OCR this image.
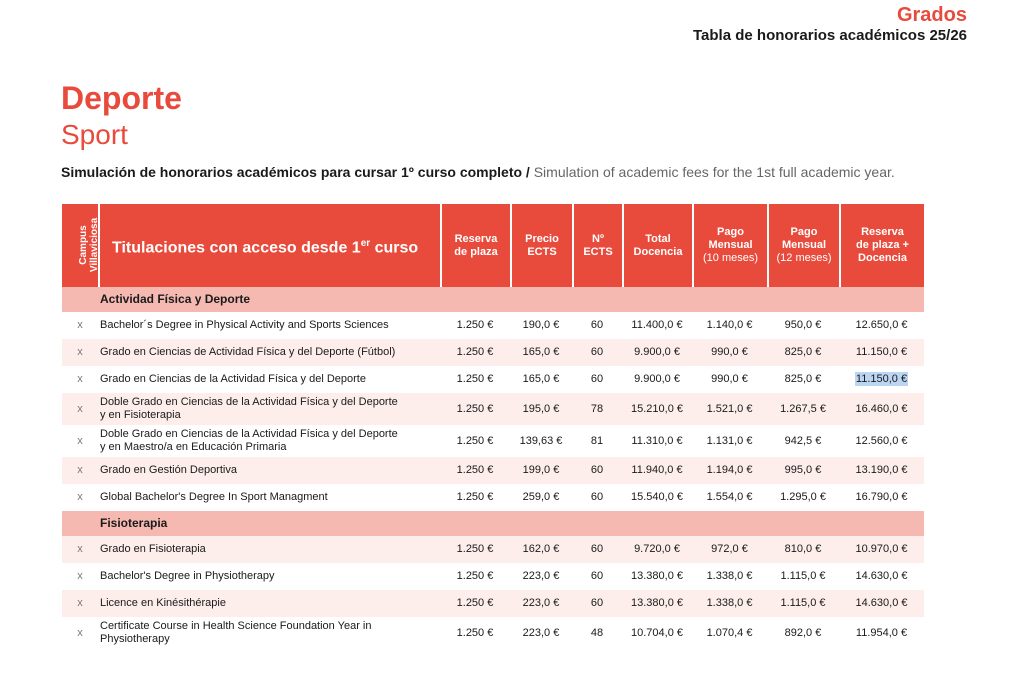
Grados
Tabla de honorarios académicos 25/26
Deporte
Sport
Simulación de honorarios académicos para cursar 1º curso completo / Simulation of academic fees for the 1st full academic year.
Campus
Villaviciosa	Titulaciones con acceso desde 1er curso	Reserva
de plaza	Precio
ECTS	Nº ECTS	Total
Docencia	Pago
Mensual
(10 meses)	Pago
Mensual
(12 meses)	Reserva
de plaza +
Docencia
	Actividad Física y Deporte							
x	Bachelor´s Degree in Physical Activity and Sports Sciences	1.250 €	190,0 €	60	11.400,0 €	1.140,0 €	950,0 €	12.650,0 €
x	Grado en Ciencias de Actividad Física y del Deporte (Fútbol)	1.250 €	165,0 €	60	9.900,0 €	990,0 €	825,0 €	11.150,0 €
x	Grado en Ciencias de la Actividad Física y del Deporte	1.250 €	165,0 €	60	9.900,0 €	990,0 €	825,0 €	11.150,0 €
x	Doble Grado en Ciencias de la Actividad Física y del Deporte
y en Fisioterapia	1.250 €	195,0 €	78	15.210,0 €	1.521,0 €	1.267,5 €	16.460,0 €
x	Doble Grado en Ciencias de la Actividad Física y del Deporte
y en Maestro/a en Educación Primaria	1.250 €	139,63 €	81	11.310,0 €	1.131,0 €	942,5 €	12.560,0 €
x	Grado en Gestión Deportiva	1.250 €	199,0 €	60	11.940,0 €	1.194,0 €	995,0 €	13.190,0 €
x	Global Bachelor's Degree In Sport Managment	1.250 €	259,0 €	60	15.540,0 €	1.554,0 €	1.295,0 €	16.790,0 €
	Fisioterapia							
x	Grado en Fisioterapia	1.250 €	162,0 €	60	9.720,0 €	972,0 €	810,0 €	10.970,0 €
x	Bachelor's Degree in Physiotherapy	1.250 €	223,0 €	60	13.380,0 €	1.338,0 €	1.115,0 €	14.630,0 €
x	Licence en Kinésithérapie	1.250 €	223,0 €	60	13.380,0 €	1.338,0 €	1.115,0 €	14.630,0 €
x	Certificate Course in Health Science Foundation Year in
Physiotherapy	1.250 €	223,0 €	48	10.704,0 €	1.070,4 €	892,0 €	11.954,0 €
